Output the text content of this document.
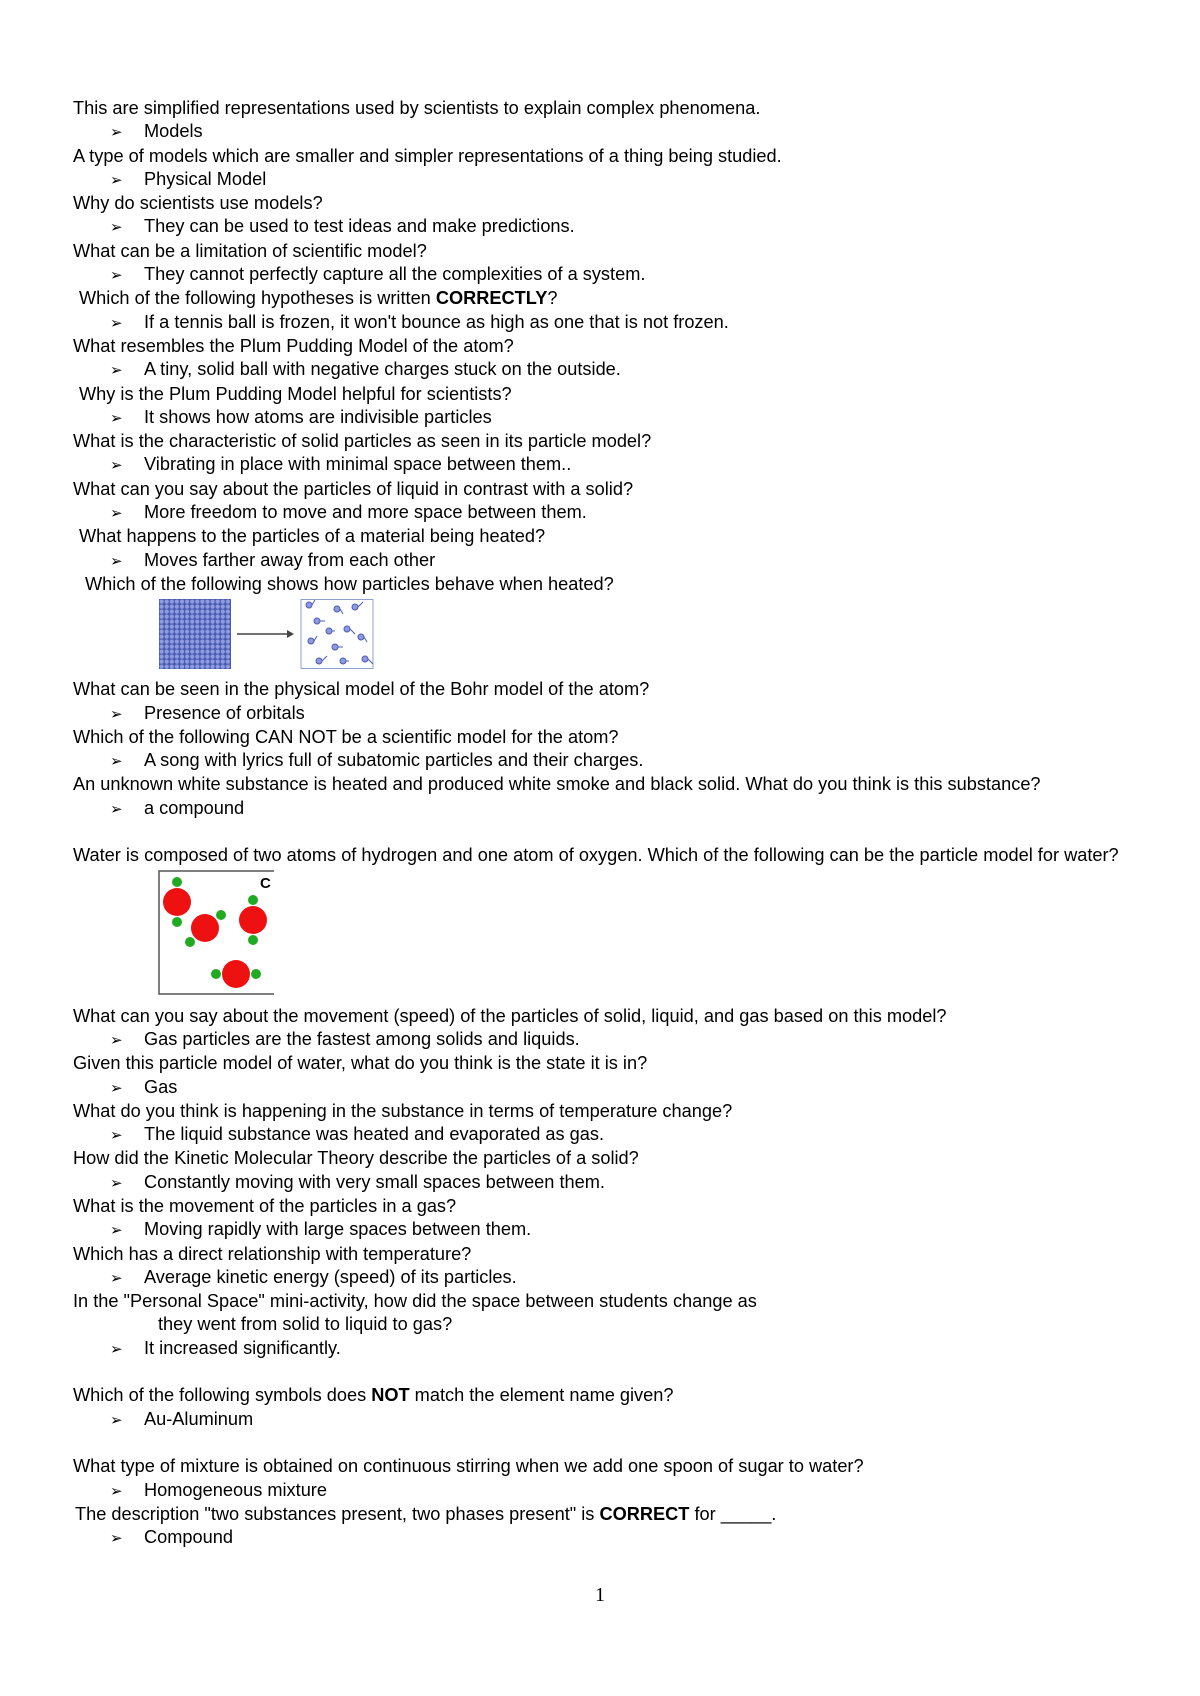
This are simplified representations used by scientists to explain complex phenomena.

➢ Models

A type of models which are smaller and simpler representations of a thing being studied.

➢ Physical Model

Why do scientists use models?

➢ They can be used to test ideas and make predictions.

What can be a limitation of scientific model?

➢ They cannot perfectly capture all the complexities of a system.

Which of the following hypotheses is written CORRECTLY?

➢ If a tennis ball is frozen, it won't bounce as high as one that is not frozen.

What resembles the Plum Pudding Model of the atom?

➢ A tiny, solid ball with negative charges stuck on the outside.

Why is the Plum Pudding Model helpful for scientists?

➢ It shows how atoms are indivisible particles

What is the characteristic of solid particles as seen in its particle model?

➢ Vibrating in place with minimal space between them..

What can you say about the particles of liquid in contrast with a solid?

➢ More freedom to move and more space between them.

What happens to the particles of a material being heated?

➢ Moves farther away from each other

Which of the following shows how particles behave when heated?

What can be seen in the physical model of the Bohr model of the atom?

➢ Presence of orbitals

Which of the following CAN NOT be a scientific model for the atom?

➢ A song with lyrics full of subatomic particles and their charges.

An unknown white substance is heated and produced white smoke and black solid. What do you think is this substance?

➢ a compound

Water is composed of two atoms of hydrogen and one atom of oxygen. Which of the following can be the particle model for water?

C

What can you say about the movement (speed) of the particles of solid, liquid, and gas based on this model?

➢ Gas particles are the fastest among solids and liquids.

Given this particle model of water, what do you think is the state it is in?

➢ Gas

What do you think is happening in the substance in terms of temperature change?

➢ The liquid substance was heated and evaporated as gas.

How did the Kinetic Molecular Theory describe the particles of a solid?

➢ Constantly moving with very small spaces between them.

What is the movement of the particles in a gas?

➢ Moving rapidly with large spaces between them.

Which has a direct relationship with temperature?

➢ Average kinetic energy (speed) of its particles.

In the "Personal Space" mini-activity, how did the space between students change as

they went from solid to liquid to gas?

➢ It increased significantly.

Which of the following symbols does NOT match the element name given?

➢ Au-Aluminum

What type of mixture is obtained on continuous stirring when we add one spoon of sugar to water?

➢ Homogeneous mixture

The description "two substances present, two phases present" is CORRECT for _____.

➢ Compound

1
